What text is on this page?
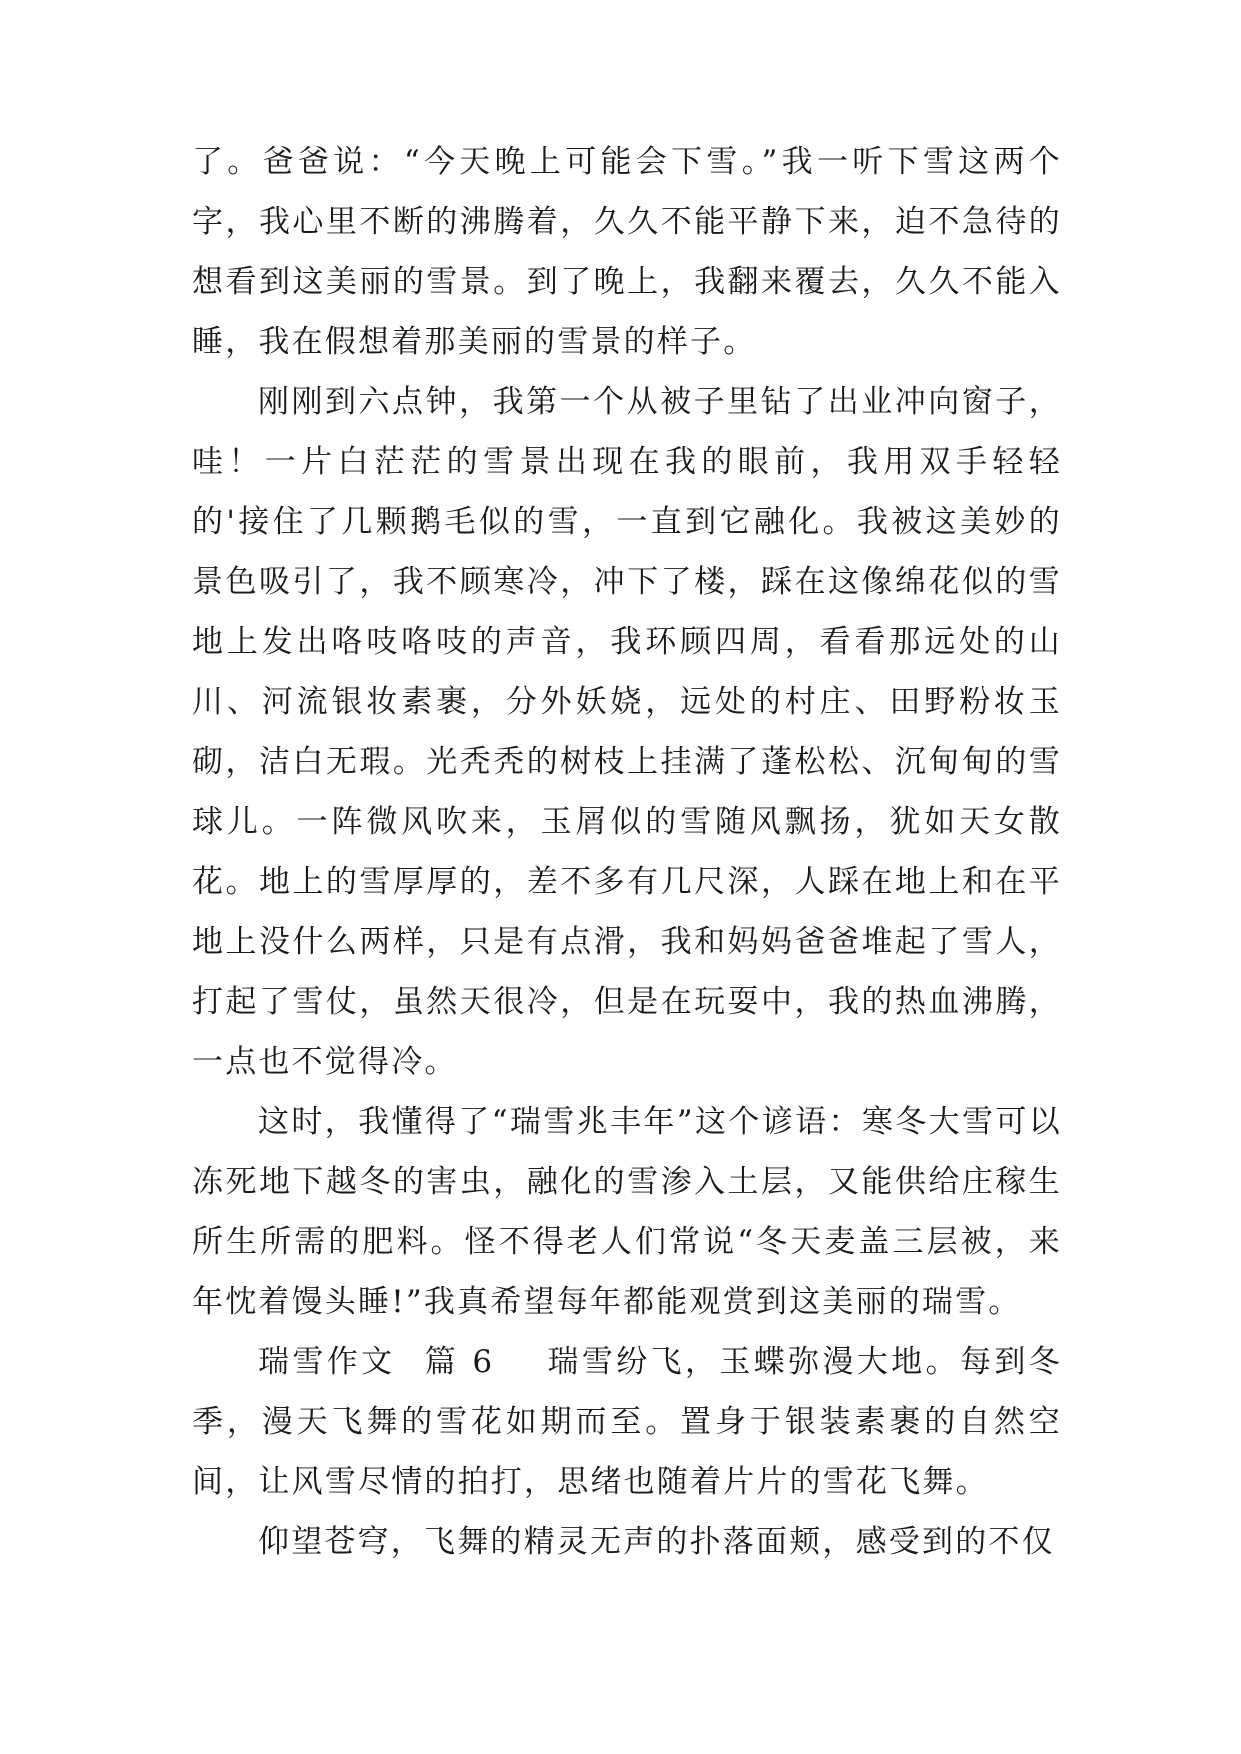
了。爸爸说：“今天晚上可能会下雪。”我一听下雪这两个字，我心里不断的沸腾着，久久不能平静下来，迫不急待的想看到这美丽的雪景。到了晚上，我翻来覆去，久久不能入睡，我在假想着那美丽的雪景的样子。

刚刚到六点钟，我第一个从被子里钻了出业冲向窗子，哇！一片白茫茫的雪景出现在我的眼前，我用双手轻轻的'接住了几颗鹅毛似的雪，一直到它融化。我被这美妙的景色吸引了，我不顾寒冷，冲下了楼，踩在这像绵花似的雪地上发出咯吱咯吱的声音，我环顾四周，看看那远处的山川、河流银妆素裹，分外妖娆，远处的村庄、田野粉妆玉砌，洁白无瑕。光秃秃的树枝上挂满了蓬松松、沉甸甸的雪球儿。一阵微风吹来，玉屑似的雪随风飘扬，犹如天女散花。地上的雪厚厚的，差不多有几尺深，人踩在地上和在平地上没什么两样，只是有点滑，我和妈妈爸爸堆起了雪人，打起了雪仗，虽然天很冷，但是在玩耍中，我的热血沸腾，一点也不觉得冷。

这时，我懂得了“瑞雪兆丰年”这个谚语：寒冬大雪可以冻死地下越冬的害虫，融化的雪渗入土层，又能供给庄稼生所生所需的肥料。怪不得老人们常说“冬天麦盖三层被，来年忱着馒头睡!”我真希望每年都能观赏到这美丽的瑞雪。

瑞雪作文 篇 6 瑞雪纷飞，玉蝶弥漫大地。每到冬季，漫天飞舞的雪花如期而至。置身于银装素裹的自然空间，让风雪尽情的拍打，思绪也随着片片的雪花飞舞。

仰望苍穹，飞舞的精灵无声的扑落面颊，感受到的不仅
